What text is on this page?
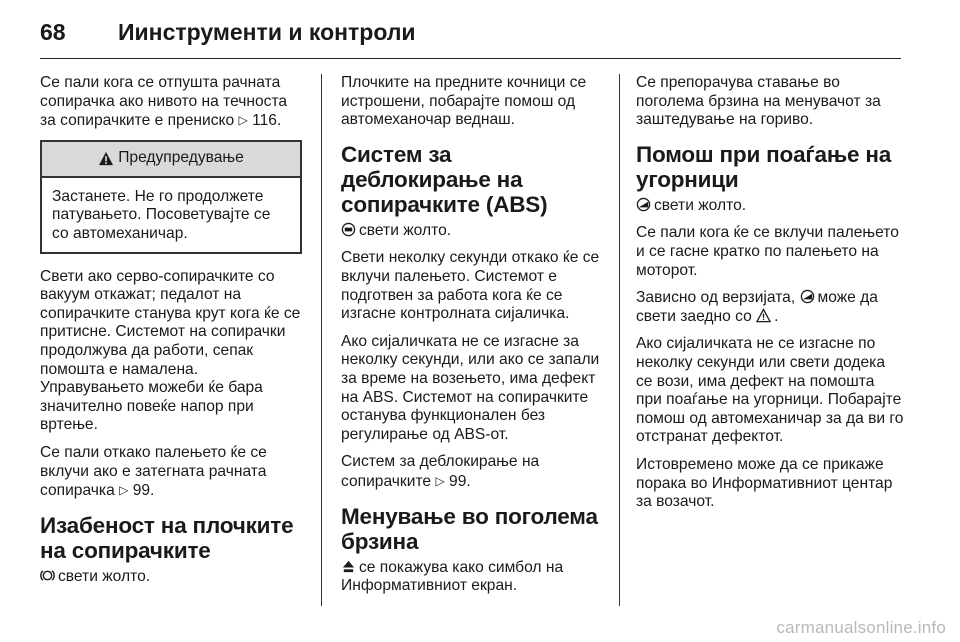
68	Иинструменти и контроли

Се пали кога се отпушта рачната сопирачка ако нивото на течноста за сопирачките е прениско ▷ 116.

Предупредување
Застанете. Не го продолжете патувањето. Посоветувајте се со автомеханичар.

Свети ако серво-сопирачките со вакуум откажат; педалот на сопирачките станува крут кога ќе се притисне. Системот на сопирачки продолжува да работи, сепак помошта е намалена. Управувањето можеби ќе бара значително повеќе напор при вртење.

Се пали откако палењето ќе се вклучи ако е затегната рачната сопирачка ▷ 99.

Изабеност на плочките на сопирачките

свети жолто.

Плочките на предните кочници се истрошени, побарајте помош од автомеханочар веднаш.

Систем за деблокирање на сопирачките (ABS)

свети жолто.

Свети неколку секунди откако ќе се вклучи палењето. Системот е подготвен за работа кога ќе се изгасне контролната сијаличка.

Ако сијаличката не се изгасне за неколку секунди, или ако се запали за време на возењето, има дефект на ABS. Системот на сопирачките останува функционален без регулирање од ABS-от.

Систем за деблокирање на сопирачките ▷ 99.

Менување во поголема брзина

се покажува како симбол на Информативниот екран.

Се препорачува ставање во поголема брзина на менувачот за заштедување на гориво.

Помош при поаѓање на угорници

свети жолто.

Се пали кога ќе се вклучи палењето и се гасне кратко по палењето на моторот.

Зависно од верзијата, може да свети заедно со .

Ако сијаличката не се изгасне по неколку секунди или свети додека се вози, има дефект на помошта при поаѓање на угорници. Побарајте помош од автомеханичар за да ви го отстранат дефектот.

Истовремено може да се прикаже порака во Информативниот центар за возачот.

carmanualsonline.info
